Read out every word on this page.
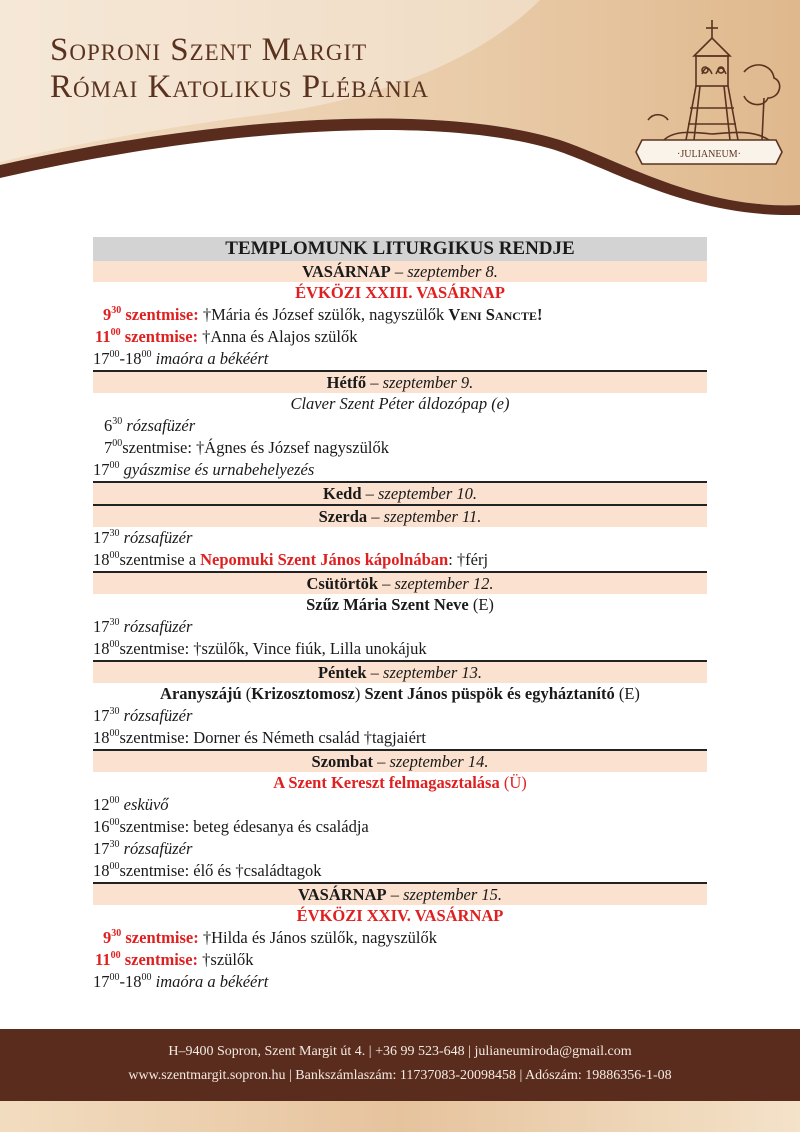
Soproni Szent Margit
Római Katolikus Plébánia
·JULIANEUM·
TEMPLOMUNK LITURGIKUS RENDJE
VASÁRNAP – szeptember 8.
ÉVKÖZI XXIII. VASÁRNAP
$9^{30}$ szentmise: †Mária és József szülők, nagyszülők Veni Sancte!
$11^{00}$ szentmise: †Anna és Alajos szülők
$17^{00}-18^{00}$ imaóra a békéért
Hétfő – szeptember 9.
Claver Szent Péter áldozópap (e)
$6^{30}$ rózsafüzér
$7^{00}szentmise$: †Ágnes és József nagyszülők
$17^{00}$ gyászmise és urnabehelyezés
Kedd – szeptember 10.
Szerda – szeptember 11.
$17^{30}$ rózsafüzér
$18^{00}szentmise$ a Nepomuki Szent János kápolnában: †férj
Csütörtök – szeptember 12.
Szűz Mária Szent Neve (E)
$17^{30}$ rózsafüzér
$18^{00}szentmise$: †szülők, Vince fiúk, Lilla unokájuk
Péntek – szeptember 13.
Aranyszájú (Krizosztomosz) Szent János püspök és egyháztanító (E)
$17^{30}$ rózsafüzér
$18^{00}szentmise$: Dorner és Németh család †tagjaiért
Szombat – szeptember 14.
A Szent Kereszt felmagasztalása (Ü)
$12^{00}$ esküvő
$16^{00}szentmise$: beteg édesanya és családja
$17^{30}$ rózsafüzér
$18^{00}szentmise$: élő és †családtagok
VASÁRNAP – szeptember 15.
ÉVKÖZI XXIV. VASÁRNAP
$9^{30}$ szentmise: †Hilda és János szülők, nagyszülők
$11^{00}$ szentmise: †szülők
$17^{00}-18^{00}$ imaóra a békéért
H–9400 Sopron, Szent Margit út 4. | +36 99 523-648 | julianeumiroda@gmail.com
www.szentmargit.sopron.hu | Bankszámlaszám: 11737083-20098458 | Adószám: 19886356-1-08
